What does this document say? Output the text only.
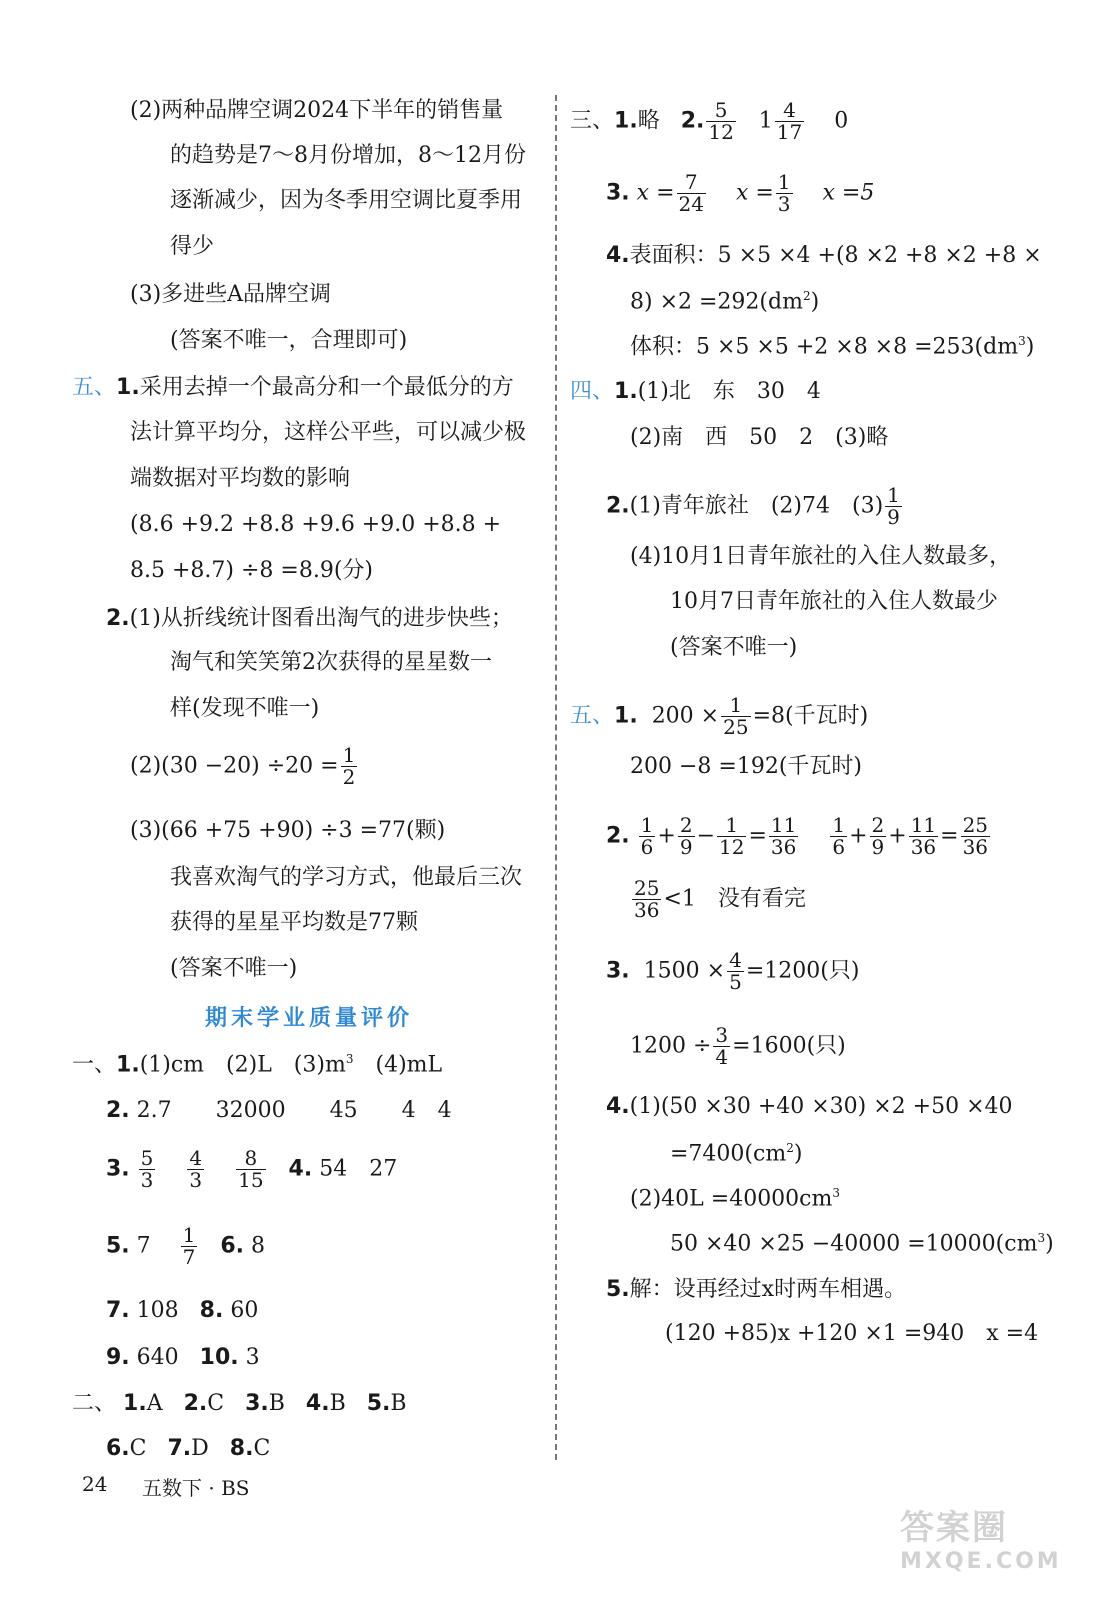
(2)两种品牌空调2024下半年的销售量
的趋势是7～8月份增加，8～12月份
逐渐减少，因为冬季用空调比夏季用
得少
(3)多进些A品牌空调
(答案不唯一，合理即可)
五、1.采用去掉一个最高分和一个最低分的方
法计算平均分，这样公平些，可以减少极
端数据对平均数的影响
(8.6 +9.2 +8.8 +9.6 +9.0 +8.8 +
8.5 +8.7) ÷8 =8.9(分)
2.(1)从折线统计图看出淘气的进步快些；
淘气和笑笑第2次获得的星星数一
样(发现不唯一)
$(2)(30 -20) \div 20 = \frac{1}{2}$
(3)(66 +75 +90) ÷3 =77(颗)
我喜欢淘气的学习方式，他最后三次
获得的星星平均数是77颗
(答案不唯一)
期末学业质量评价
一、1.(1)cm　(2)L　$(3)m^3$　(4)mL
2. 2.7　　32000　　45　　4　4
3. $\frac{5}{3}$
$\frac{4}{3}$
$\frac{8}{15} 4$. 54　27
5. $7 \frac{1}{7} 6$. 8
7. 108 8. 60
9. 640 10. 3
二、 1.A 2.C 3.B 4.B 5.B
6.C 7.D 8.C
三、1.略 2. $\frac{5}{12} 1 \frac{4}{17} 0$
3. $x = \frac{7}{24}$ $x = \frac{1}{3}$ x =5
4.表面积：5 ×5 ×4 +(8 ×2 +8 ×2 +8 ×
$8) \times 2 =292(dm^2)$
体积：$5 \times 5 \times 5 +2 \times 8 \times 8 =253(dm^3)$
四、1.(1)北　东　30　4
(2)南　西　50　2　(3)略
2.(1)青年旅社　(2)74　$(3) \frac{1}{9}$
(4)10月1日青年旅社的入住人数最多，
10月7日青年旅社的入住人数最少
(答案不唯一)
五、1. $200 \times \frac{1}{25} =8$(千瓦时)
200 −8 =192(千瓦时)
2. $\frac{1}{6} + \frac{2}{9} - \frac{1}{12} = \frac{11}{36}$
$\frac{1}{6} + \frac{2}{9} + \frac{11}{36} = \frac{25}{36}$
$\frac{25}{36} <1$　没有看完
3. $1500 \times \frac{4}{5} =1200$(只)
$1200 \div \frac{3}{4} =1600$(只)
4.(1)(50 ×30 +40 ×30) ×2 +50 ×40
$=7400(cm^2)$
$(2)40L =40000cm^3$
$50 \times 40 \times 25 -40000 =10000(cm^3)$
5.解：设再经过x时两车相遇。
(120 +85)x +120 ×1 =940　x =4
24 五数下 · BS
答案圈
MXQE.COM
